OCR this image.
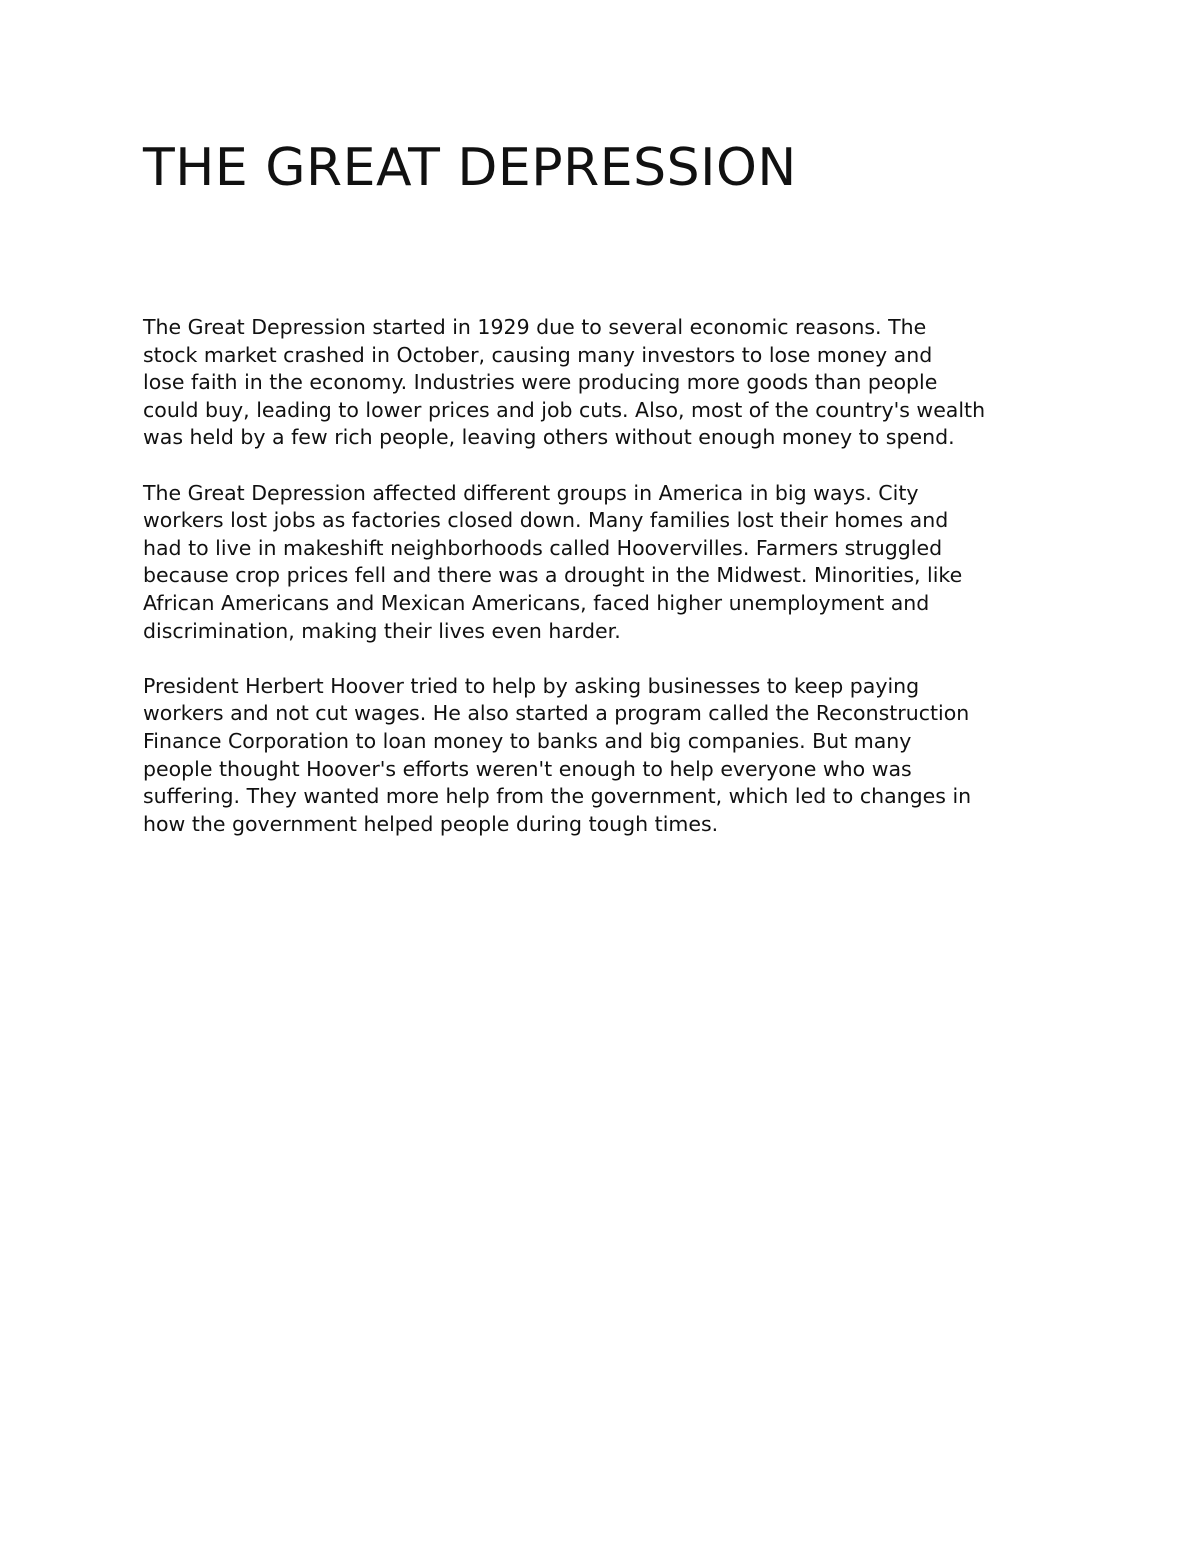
THE GREAT DEPRESSION

The Great Depression started in 1929 due to several economic reasons. The
stock market crashed in October, causing many investors to lose money and
lose faith in the economy. Industries were producing more goods than people
could buy, leading to lower prices and job cuts. Also, most of the country's wealth
was held by a few rich people, leaving others without enough money to spend.

The Great Depression affected different groups in America in big ways. City
workers lost jobs as factories closed down. Many families lost their homes and
had to live in makeshift neighborhoods called Hoovervilles. Farmers struggled
because crop prices fell and there was a drought in the Midwest. Minorities, like
African Americans and Mexican Americans, faced higher unemployment and
discrimination, making their lives even harder.

President Herbert Hoover tried to help by asking businesses to keep paying
workers and not cut wages. He also started a program called the Reconstruction
Finance Corporation to loan money to banks and big companies. But many
people thought Hoover's efforts weren't enough to help everyone who was
suffering. They wanted more help from the government, which led to changes in
how the government helped people during tough times.
